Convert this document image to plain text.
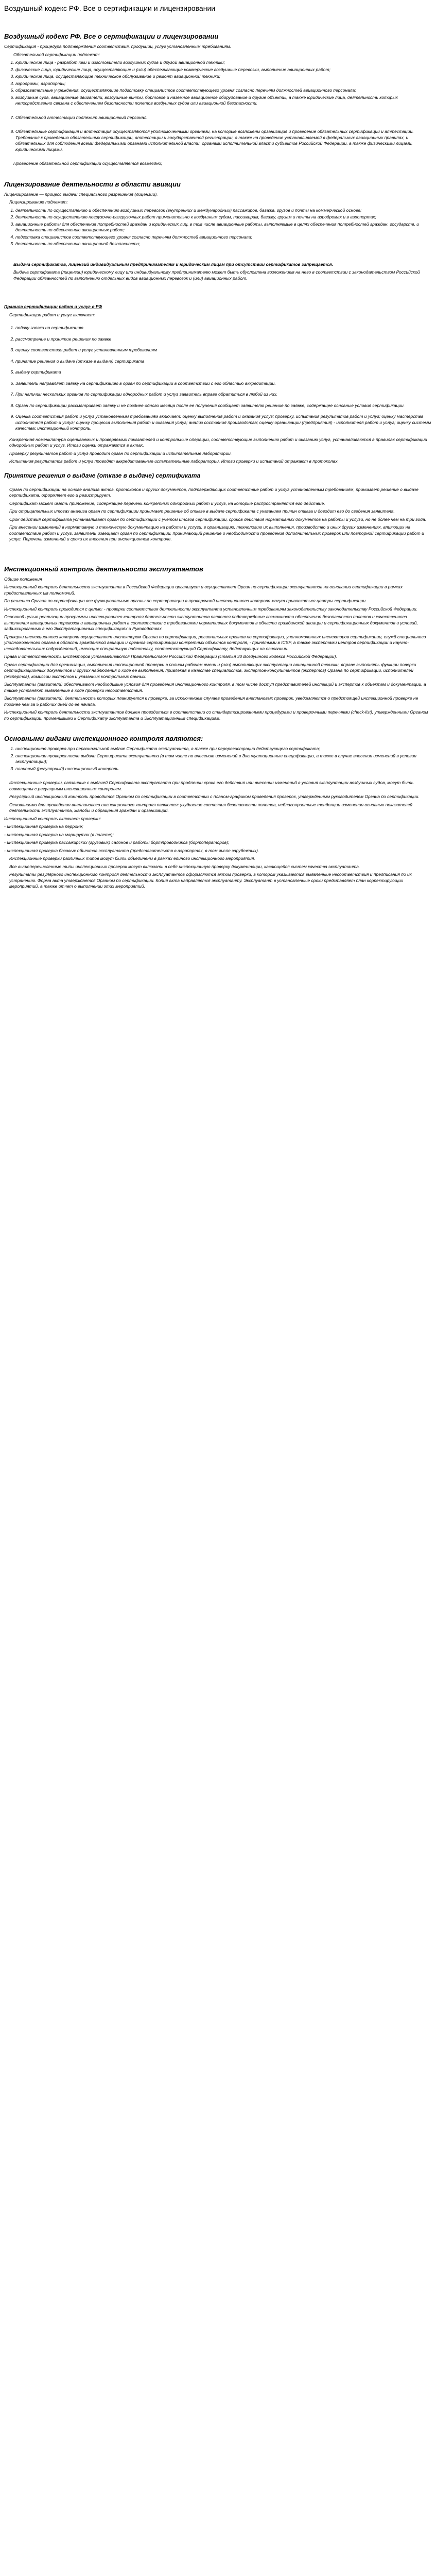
Воздушный кодекс РФ. Все о сертификации и лицензировании
Воздушный кодекс РФ. Все о сертификации и лицензировании

Сертификация - процедура подтверждения соответствия, продукции, услуг установленным требованиям.

Обязательной сертификации подлежат:

1. юридические лица - разработчики и изготовители воздушных судов и другой авиационной техники;
2. физические лица, юридические лица, осуществляющие и (или) обеспечивающие коммерческие воздушные перевозки, выполнение авиационных работ;
3. юридические лица, осуществляющие техническое обслуживание и ремонт авиационной техники;
4. аэродромы, аэропорты;
5. образовательные учреждения, осуществляющие подготовку специалистов соответствующего уровня согласно перечням должностей авиационного персонала;
6. воздушные суда, авиационные двигатели, воздушные винты, бортовое и наземное авиационное оборудование и другие объекты, а также юридические лица, деятельность которых непосредственно связана с обеспечением безопасности полетов воздушных судов или авиационной безопасности.
7. Обязательной аттестации подлежит авиационный персонал.
8. Обязательные сертификация и аттестация осуществляются уполномоченными органами, на которые возложены организация и проведение обязательных сертификации и аттестации. Требования к проведению обязательных сертификации, аттестации и государственной регистрации, а также на проведение устанавливаемой в федеральных авиационных правилах, и обязательных для соблюдения всеми федеральными органами исполнительной власти, органами исполнительной власти субъектов Российской Федерации, а также физическими лицами, юридическими лицами.

Проведение обязательной сертификации осуществляется возмездно;

Лицензирование деятельности в области авиации

Лицензирование — процесс выдачи специального разрешения (лицензии).

Лицензированию подлежат:

1. деятельность по осуществлению и обеспечению воздушных перевозок (внутренних и международных) пассажиров, багажа, грузов и почты на коммерческой основе;
2. деятельность по осуществлению погрузочно-разгрузочных работ применительно к воздушным судам, пассажирам, багажу, грузам и почты на аэродромах и в аэропортах;
3. авиационные работы для обеспечения потребностей граждан и юридических лиц, в том числе авиационные работы, выполняемые в целях обеспечения потребностей граждан, государств, и деятельность по обеспечению авиационных работ;
4. подготовка специалистов соответствующего уровня согласно перечням должностей авиационного персонала;
5. деятельность по обеспечению авиационной безопасности;

Выдача сертификатов, лицензий индивидуальным предпринимателям и юридическим лицам при отсутствии сертификатов запрещается.

Выдача сертификата (лицензии) юридическому лицу или индивидуальному предпринимателю может быть обусловлена возложением на него в соответствии с законодательством Российской Федерации обязанностей по выполнению отдельных видов авиационных перевозок и (или) авиационных работ.

Правила сертификации работ и услуг в РФ

Сертификация работ и услуг включает:

1. подачу заявки на сертификацию
2. рассмотрение и принятие решения по заявке
3. оценку соответствия работ и услуг установленным требованиям
4. принятие решения о выдаче (отказе в выдаче) сертификата
5. выдачу сертификата
6. Заявитель направляет заявку на сертификацию в орган по сертификации в соответствии с его областью аккредитации.
7. При наличии нескольких органов по сертификации однородных работ и услуг заявитель вправе обратиться в любой из них.
8. Орган по сертификации рассматривает заявку и не позднее одного месяца после ее получения сообщает заявителю решение по заявке, содержащее основные условия сертификации.
9. Оценка соответствия работ и услуг установленным требованиям включает: оценку выполнения работ и оказания услуг; проверку, испытания результатов работ и услуг; оценку мастерства исполнителя работ и услуг; оценку процесса выполнения работ и оказания услуг; анализ состояния производства; оценку организации (предприятия) - исполнителя работ и услуг; оценку системы качества; инспекционный контроль.

Конкретная номенклатура оцениваемых и проверяемых показателей и контрольные операции, соответствующие выполнению работ и оказанию услуг, устанавливаются в правилах сертификации однородных работ и услуг. Итоги оценки отражаются в актах.

Проверку результатов работ и услуг проводит орган по сертификации и испытательные лаборатории.

Испытания результатов работ и услуг проводят аккредитованные испытательные лаборатории. Итоги проверки и испытаний отражают в протоколах.

Принятие решения о выдаче (отказе в выдаче) сертификата

Орган по сертификации на основе анализа актов, протоколов и других документов, подтверждающих соответствие работ и услуг установленным требованиям, принимает решение о выдаче сертификата, оформляет его и регистрирует.

Сертификат может иметь приложение, содержащее перечень конкретных однородных работ и услуг, на которые распространяется его действие.

При отрицательных итогах анализа орган по сертификации принимает решение об отказе в выдаче сертификата с указанием причин отказа и доводит его до сведения заявителя.

Срок действия сертификата устанавливает орган по сертификации с учетом итогов сертификации, сроков действия нормативных документов на работы и услуги, но не более чем на три года.

При внесении изменений в нормативную и техническую документацию на работы и услуги, в организацию, технологию их выполнения, производство и иных других изменениях, влияющих на соответствие работ и услуг, заявитель извещает орган по сертификации, принимающий решение о необходимости проведения дополнительных проверок или повторной сертификации работ и услуг. Перечень изменений и сроки их внесения при инспекционном контроле.

Инспекционный контроль деятельности эксплуатантов

Общие положения

Инспекционный контроль деятельности эксплуатанта в Российской Федерации организует и осуществляет Орган по сертификации эксплуатантов на основании сертификации в рамках предоставленных им полномочий.

По решению Органа по сертификации все функциональные органы по сертификации в проверочной инспекционного контроля могут привлекаться центры сертификации.

Инспекционный контроль проводится с целью: - проверки соответствия деятельности эксплуатанта установленным требованиям законодательству законодательству Российской Федерации.

Основной целью реализации программы инспекционного контроля деятельности эксплуатантов является подтверждение возможности обеспечения безопасности полетов и качественного выполнения авиационных перевозок и авиационных работ в соответствии с требованиями нормативных документов в области гражданской авиации и сертификационных документов и условий, зафиксированных в его Эксплуатационных спецификациях и Руководствах.

Проверки инспекционного контроля осуществляет инспектором Органа по сертификации, региональных органов по сертификации, уполномоченных инспекторов сертификации, служб специального уполномоченного органа в области гражданской авиации и органов сертификации конкретных объектов контроля, - принятыми в ICSP, а также экспертами центров сертификации и научно-исследовательских подразделений, имеющих специальную подготовку, соответствующий Сертификату, действующих на основании.

Права и ответственность инспекторов устанавливаются Правительством Российской Федерации (статья 30 Воздушного кодекса Российской Федерации).

Орган сертификации для организации, выполнения инспекционной проверки в полном рабочем вмени и (или) выполняющих эксплуатации авиационной техники, вправе выполнять функции поверки сертификационных документов и других наблюдения о ходе ее выполнения, привлекая в качестве специалистов, экспертов-консультантов (экспертов) Органа по сертификации, исполнителей (экспертов), комиссии экспертов и указанных контрольных данных.

Эксплуатанты (заявители) обеспечивают необходимые условия для проведения инспекционного контроля, в том числе доступ представителей инспекций и экспертов к объектам и документации, а также устраняют выявленные в ходе проверки несоответствия.

Эксплуатанты (заявители), деятельность которых планируется к проверке, за исключением случаев проведения внеплановых проверок, уведомляются о предстоящей инспекционной проверке не позднее чем за 5 рабочих дней до ее начала.

Инспекционный контроль деятельности эксплуатантов должен проводиться в соответствии со стандартизированными процедурами и проверочными перечнями (check-list), утвержденными Органом по сертификации, применимыми к Сертификату эксплуатанта и Эксплуатационным спецификациям.

Основными видами инспекционного контроля являются:
1. инспекционная проверка при первоначальной выдаче Сертификата эксплуатанта, а также при перерегистрации действующего сертификата;
2. инспекционная проверка после выдачи Сертификата эксплуатанта (в том числе по внесению изменений в Эксплуатационные спецификации, а также в случае внесения изменений в условия эксплуатации);
3. плановый (регулярный) инспекционный контроль.

Инспекционные проверки, связанные с выдачей Сертификата эксплуатанта при продлении срока его действия или внесении изменений в условия эксплуатации воздушных судов, могут быть совмещены с регулярным инспекционным контролем.

Регулярный инспекционный контроль проводится Органом по сертификации в соответствии с планом-графиком проведения проверок, утвержденным руководителем Органа по сертификации.

Основаниями для проведения внепланового инспекционного контроля являются: ухудшение состояния безопасности полетов, неблагоприятные тенденции изменения основных показателей деятельности эксплуатанта, жалобы и обращения граждан и организаций.

Инспекционный контроль включает проверки:

- инспекционная проверка на перроне;

- инспекционная проверка на маршрутах (в полете);

- инспекционная проверка пассажирских (грузовых) салонов и работы бортпроводников (бортоператоров);

- инспекционная проверка базовых объектов эксплуатанта (представительств в аэропортах, в том числе зарубежных).

Инспекционные проверки различных типов могут быть объединены в рамках единого инспекционного мероприятия.

Все вышеперечисленные типы инспекционных проверок могут включать в себя инспекционную проверку документации, касающейся систем качества эксплуатанта.

Результаты регулярного инспекционного контроля деятельности эксплуатантов оформляются актом проверки, в котором указываются выявленные несоответствия и предписания по их устранению. Форма акта утверждается Органом по сертификации. Копия акта направляется эксплуатанту. Эксплуатант в установленные сроки представляет план корректирующих мероприятий, а также отчет о выполнении этих мероприятий.
